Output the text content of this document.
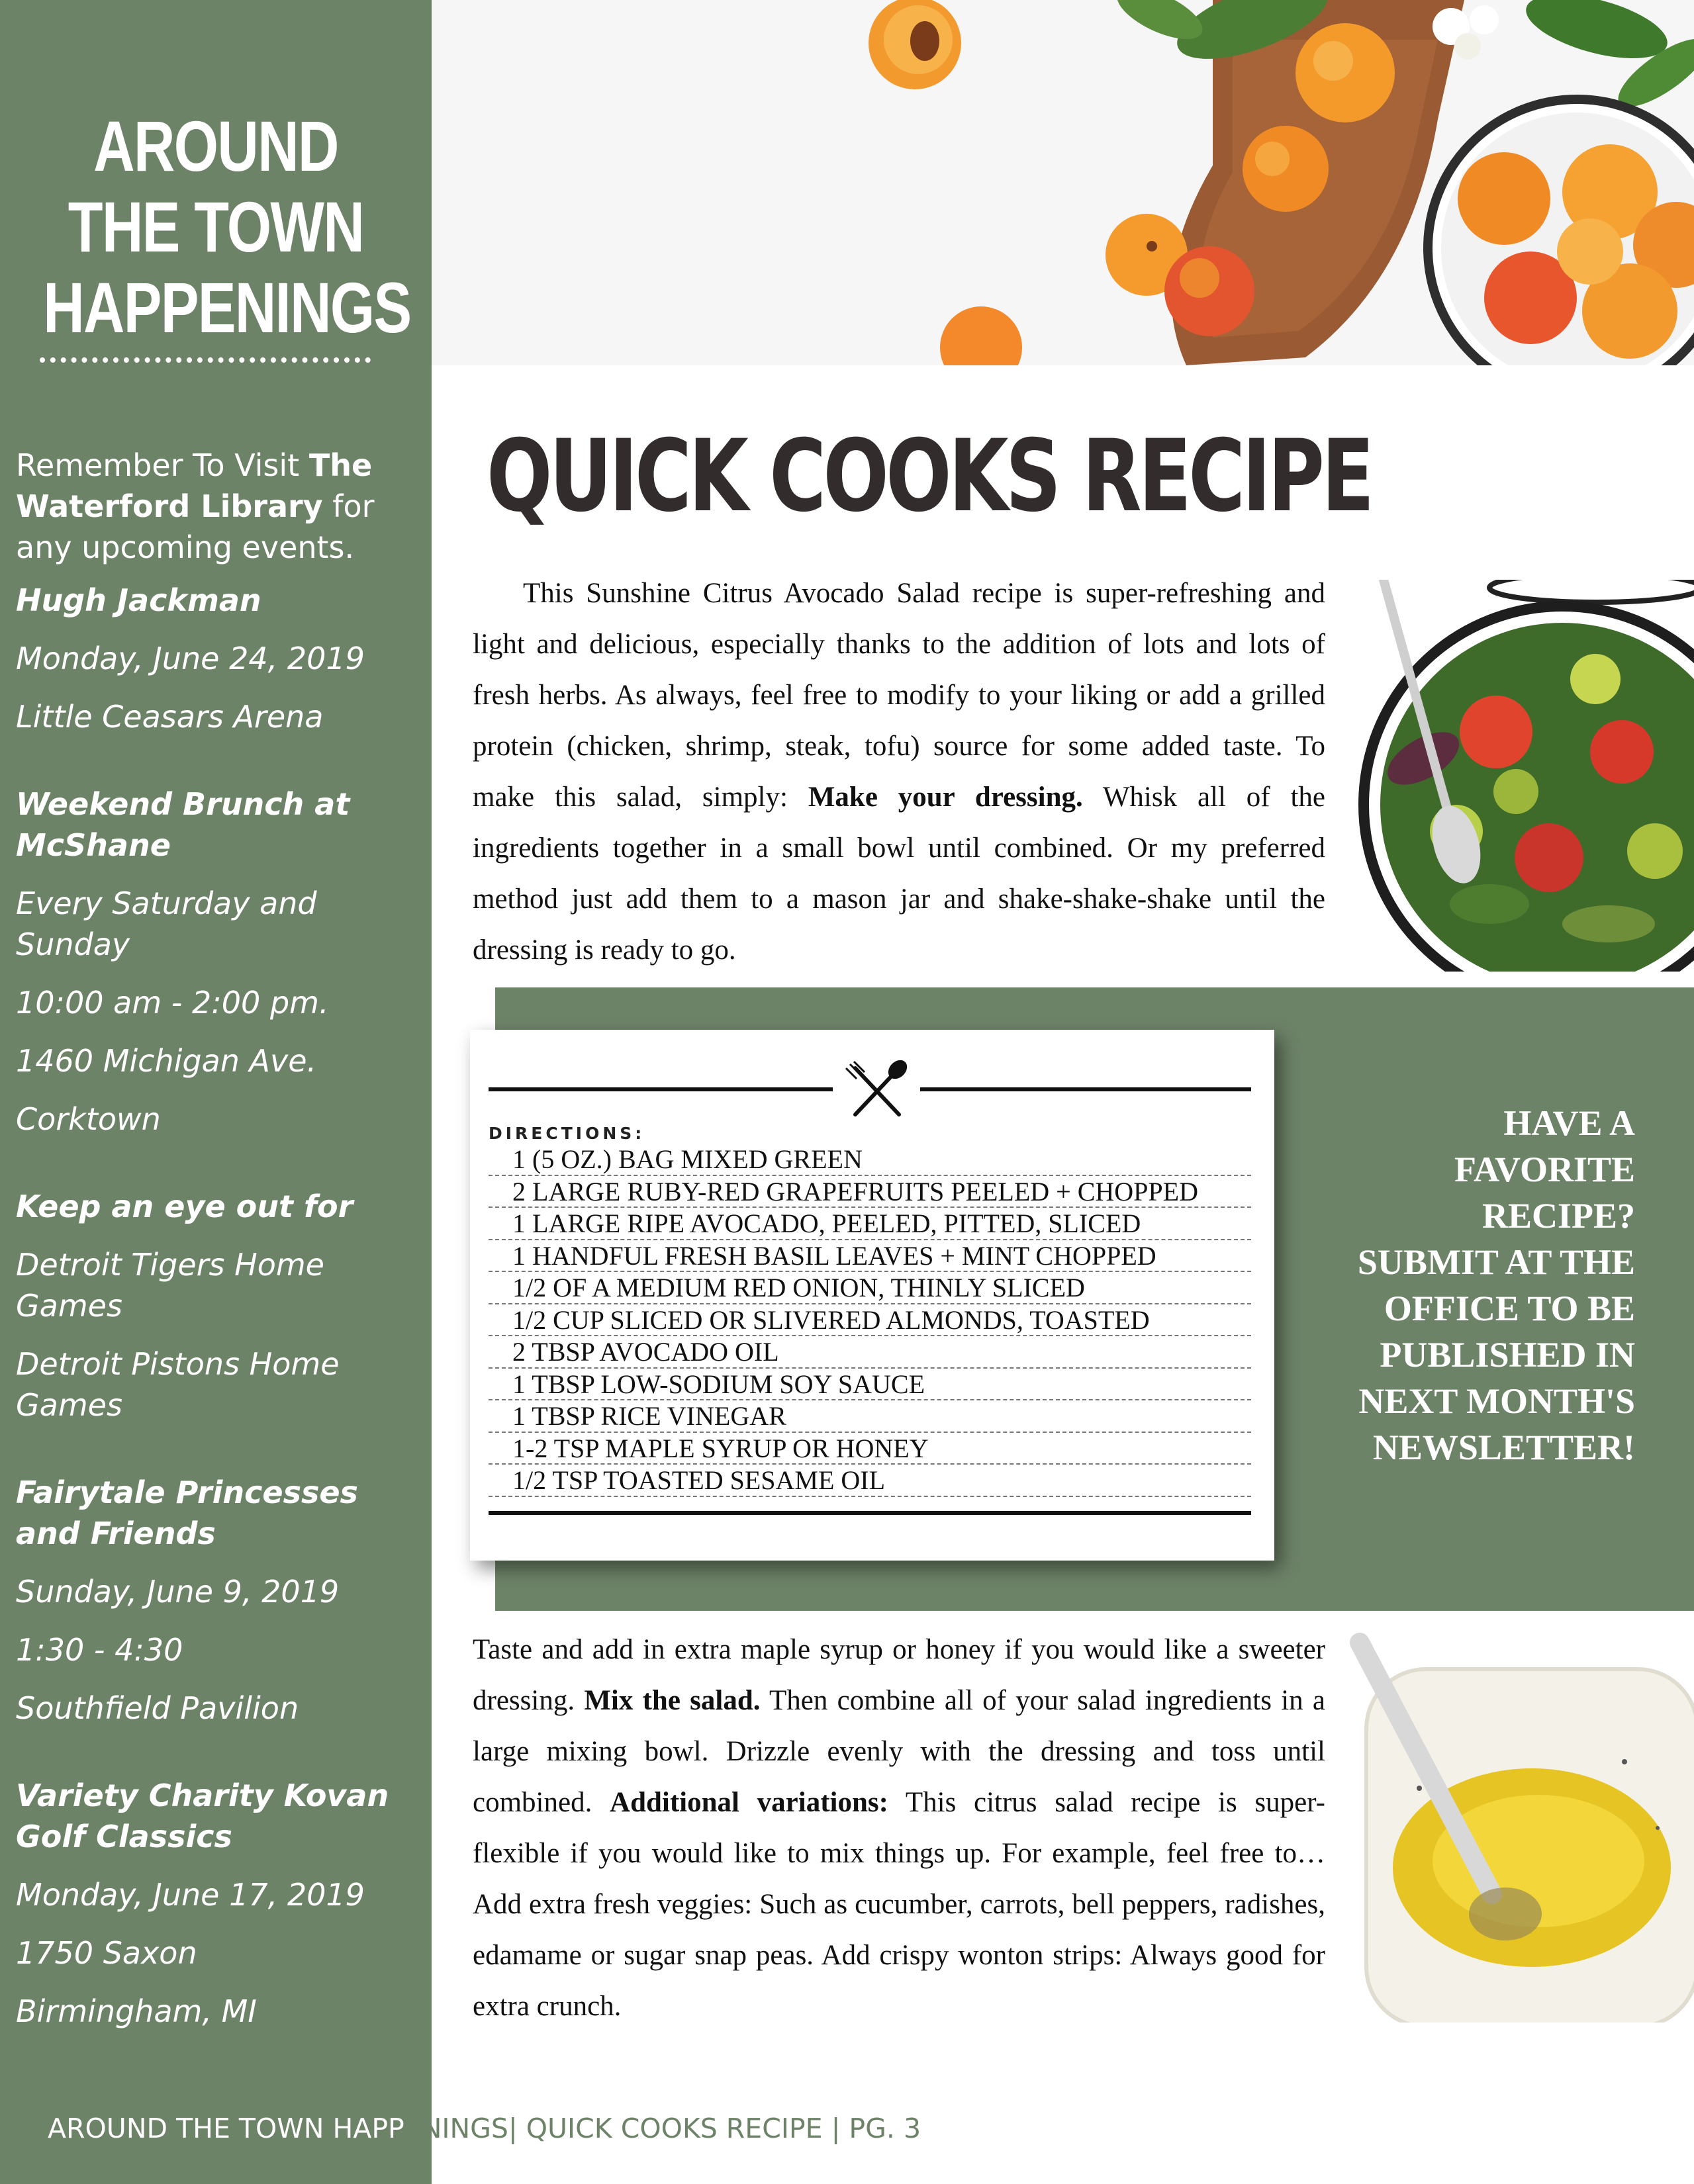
AROUND
THE TOWN
HAPPENINGS

Remember To Visit The Waterford Library for any upcoming events.

Hugh Jackman

Monday, June 24, 2019

Little Ceasars Arena

Weekend Brunch at McShane

Every Saturday and Sunday

10:00 am - 2:00 pm.

1460 Michigan Ave.

Corktown

Keep an eye out for

Detroit Tigers Home Games

Detroit Pistons Home Games

Fairytale Princesses and Friends

Sunday, June 9, 2019

1:30 - 4:30

Southfield Pavilion

Variety Charity Kovan Golf Classics

Monday, June 17, 2019

1750 Saxon

Birmingham, MI

QUICK COOKS RECIPE

This Sunshine Citrus Avocado Salad recipe is super-refreshing and light and delicious, especially thanks to the addition of lots and lots of fresh herbs. As always, feel free to modify to your liking or add a grilled protein (chicken, shrimp, steak, tofu) source for some added taste. To make this salad, simply: Make your dressing. Whisk all of the ingredients together in a small bowl until combined. Or my preferred method just add them to a mason jar and shake-shake-shake until the dressing is ready to go.

DIRECTIONS:
1 (5 OZ.) BAG MIXED GREEN
2 LARGE RUBY-RED GRAPEFRUITS PEELED + CHOPPED
1 LARGE RIPE AVOCADO, PEELED, PITTED, SLICED
1 HANDFUL FRESH BASIL LEAVES + MINT CHOPPED
1/2 OF A MEDIUM RED ONION, THINLY SLICED
1/2 CUP SLICED OR SLIVERED ALMONDS, TOASTED
2 TBSP AVOCADO OIL
1 TBSP LOW-SODIUM SOY SAUCE
1 TBSP RICE VINEGAR
1-2 TSP MAPLE SYRUP OR HONEY
1/2 TSP TOASTED SESAME OIL
HAVE A
FAVORITE
RECIPE?
SUBMIT AT THE
OFFICE TO BE
PUBLISHED IN
NEXT MONTH'S
NEWSLETTER!

Taste and add in extra maple syrup or honey if you would like a sweeter dressing. Mix the salad. Then combine all of your salad ingredients in a large mixing bowl. Drizzle evenly with the dressing and toss until combined. Additional variations: This citrus salad recipe is super-flexible if you would like to mix things up. For example, feel free to… Add extra fresh veggies: Such as cucumber, carrots, bell peppers, radishes, edamame or sugar snap peas. Add crispy wonton strips: Always good for extra crunch.

AROUND THE TOWN HAPPENINGS| QUICK COOKS RECIPE | PG. 3
